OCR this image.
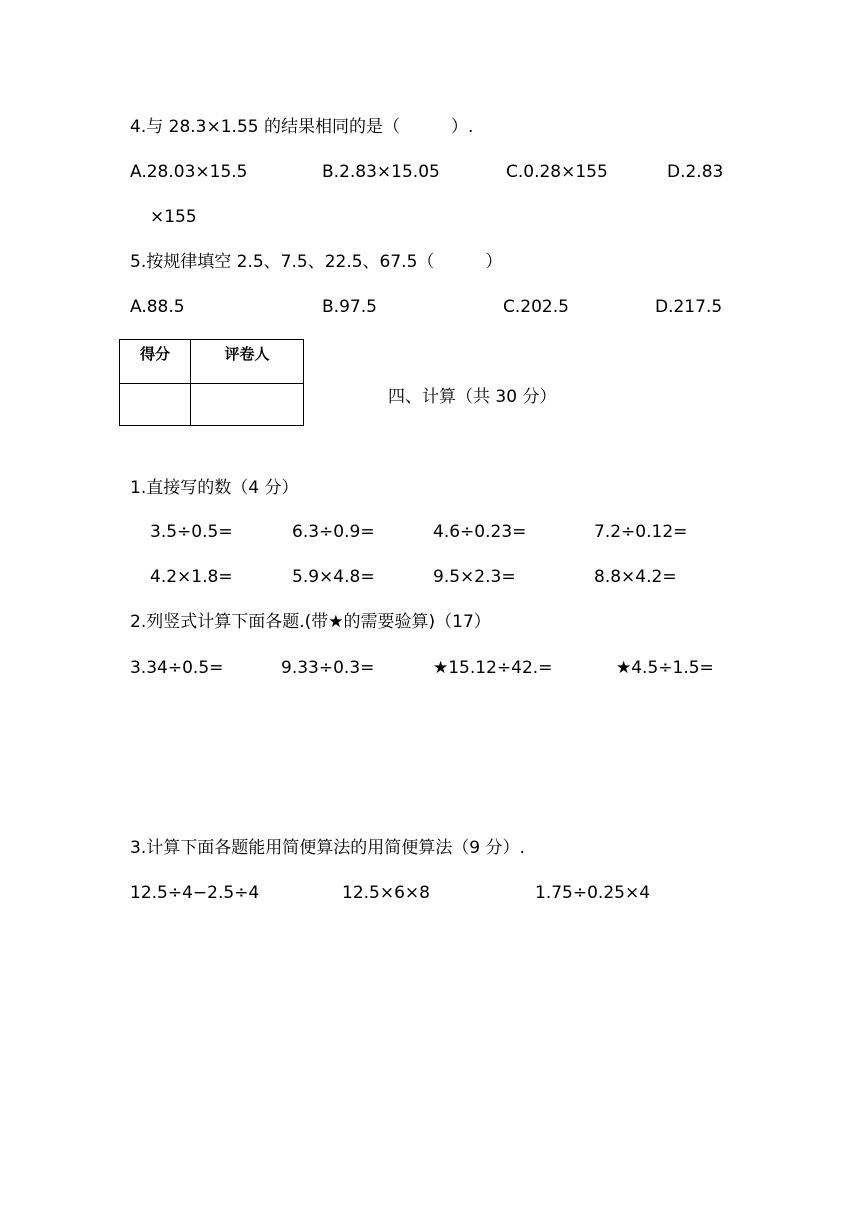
4.与 28.3×1.55 的结果相同的是（　　　）.
A.28.03×15.5	B.2.83×15.05	C.0.28×155	D.2.83
×155
5.按规律填空 2.5、7.5、22.5、67.5（　　　）
A.88.5	B.97.5	C.202.5	D.217.5
得分	评卷人

四、计算（共 30 分）
1.直接写的数（4 分）
3.5÷0.5=	6.3÷0.9=	4.6÷0.23=	7.2÷0.12=
4.2×1.8=	5.9×4.8=	9.5×2.3=	8.8×4.2=
2.列竖式计算下面各题.(带★的需要验算)（17）
3.34÷0.5=	9.33÷0.3=	★15.12÷42.=	★4.5÷1.5=
3.计算下面各题能用简便算法的用简便算法（9 分）.
12.5÷4−2.5÷4	12.5×6×8	1.75÷0.25×4
